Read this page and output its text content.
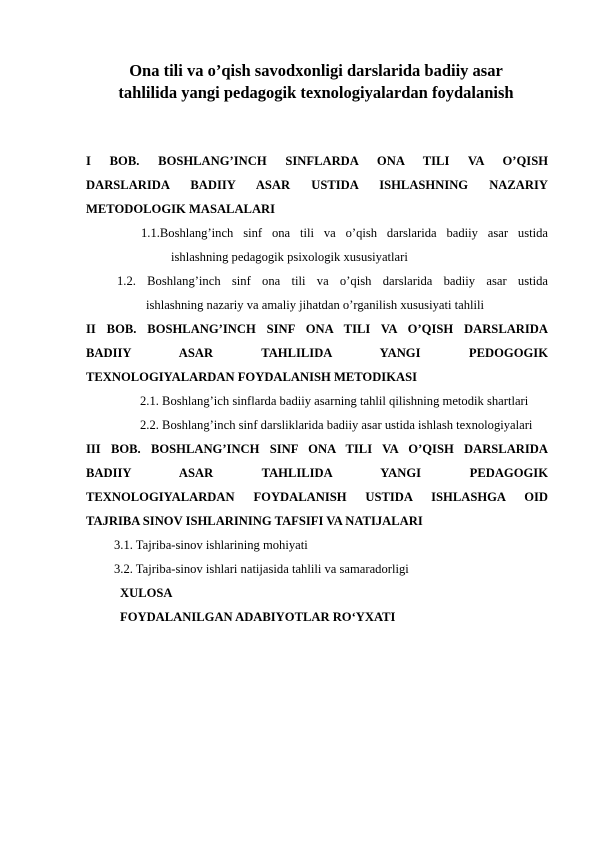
Ona tili va o’qish savodxonligi darslarida badiiy asar
tahlilida yangi pedagogik texnologiyalardan foydalanish
I BOB. BOSHLANG’INCH SINFLARDA ONA TILI VA O’QISH
DARSLARIDA BADIIY ASAR USTIDA ISHLASHNING NAZARIY
METODOLOGIK MASALALARI
1.1.Boshlang’inch sinf ona tili va o’qish darslarida badiiy asar ustida
ishlashning pedagogik psixologik xususiyatlari
1.2. Boshlang’inch sinf ona tili va o’qish darslarida badiiy asar ustida
ishlashning nazariy va amaliy jihatdan o’rganilish xususiyati tahlili
II BOB. BOSHLANG’INCH SINF ONA TILI VA O’QISH DARSLARIDA
BADIIY ASAR TAHLILIDA YANGI PEDOGOGIK
TEXNOLOGIYALARDAN FOYDALANISH METODIKASI
2.1. Boshlang’ich sinflarda badiiy asarning tahlil qilishning metodik shartlari
2.2. Boshlang’inch sinf darsliklarida badiiy asar ustida ishlash texnologiyalari
III BOB. BOSHLANG’INCH SINF ONA TILI VA O’QISH DARSLARIDA
BADIIY ASAR TAHLILIDA YANGI PEDAGOGIK
TEXNOLOGIYALARDAN FOYDALANISH USTIDA ISHLASHGA OID
TAJRIBA SINOV ISHLARINING TAFSIFI VA NATIJALARI
3.1. Tajriba-sinov ishlarining mohiyati
3.2. Tajriba-sinov ishlari natijasida tahlili va samaradorligi
XULOSA
FOYDALANILGAN ADABIYOTLAR RO‘YXATI
